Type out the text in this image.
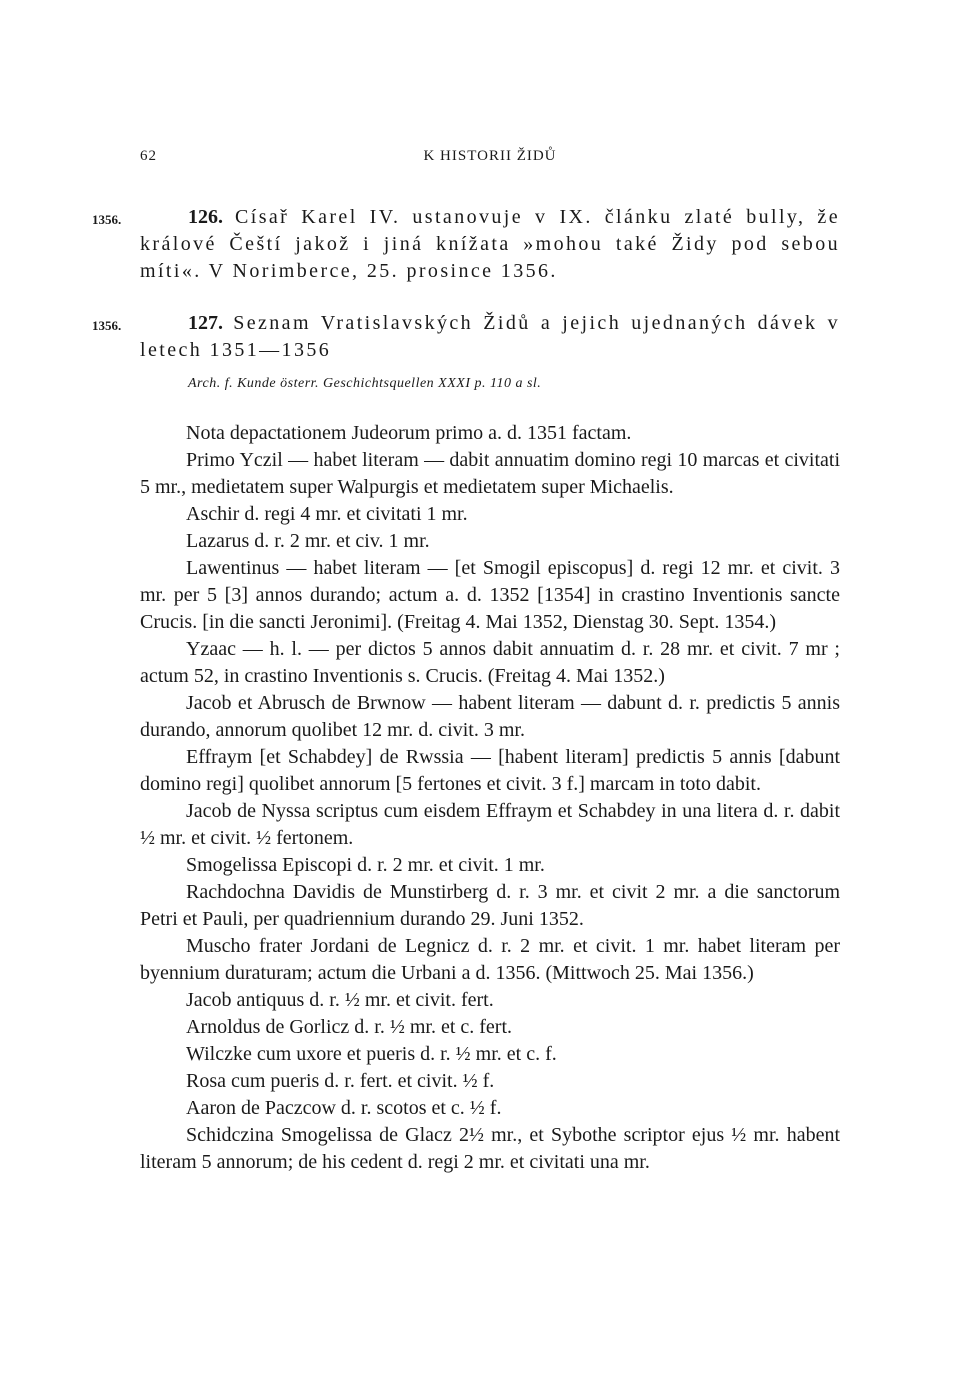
62	K HISTORII ŽIDŮ
1356.	126. Císař Karel IV. ustanovuje v IX. článku zlaté bully, že králové Čeští jakož i jiná knížata »mohou také Židy pod sebou míti«. V Norimberce, 25. prosince 1356.
1356.	127. Seznam Vratislavských Židů a jejich ujednaných dávek v letech 1351—1356
Arch. f. Kunde österr. Geschichtsquellen XXXI p. 110 a sl.

Nota depactationem Judeorum primo a. d. 1351 factam.

Primo Yczil — habet literam — dabit annuatim domino regi 10 marcas et civitati 5 mr., medietatem super Walpurgis et medietatem super Michaelis.

Aschir d. regi 4 mr. et civitati 1 mr.

Lazarus d. r. 2 mr. et civ. 1 mr.

Lawentinus — habet literam — [et Smogil episcopus] d. regi 12 mr. et civit. 3 mr. per 5 [3] annos durando; actum a. d. 1352 [1354] in crastino Inventionis sancte Crucis. [in die sancti Jeronimi]. (Freitag 4. Mai 1352, Dienstag 30. Sept. 1354.)

Yzaac — h. l. — per dictos 5 annos dabit annuatim d. r. 28 mr. et civit. 7 mr ; actum 52, in crastino Inventionis s. Crucis. (Freitag 4. Mai 1352.)

Jacob et Abrusch de Brwnow — habent literam — dabunt d. r. predictis 5 annis durando, annorum quolibet 12 mr. d. civit. 3 mr.

Effraym [et Schabdey] de Rwssia — [habent literam] predictis 5 annis [dabunt domino regi] quolibet annorum [5 fertones et civit. 3 f.] marcam in toto dabit.

Jacob de Nyssa scriptus cum eisdem Effraym et Schabdey in una litera d. r. dabit ½ mr. et civit. ½ fertonem.

Smogelissa Episcopi d. r. 2 mr. et civit. 1 mr.

Rachdochna Davidis de Munstirberg d. r. 3 mr. et civit 2 mr. a die sanctorum Petri et Pauli, per quadriennium durando 29. Juni 1352.

Muscho frater Jordani de Legnicz d. r. 2 mr. et civit. 1 mr. habet literam per byennium duraturam; actum die Urbani a d. 1356. (Mittwoch 25. Mai 1356.)

Jacob antiquus d. r. ½ mr. et civit. fert.

Arnoldus de Gorlicz d. r. ½ mr. et c. fert.

Wilczke cum uxore et pueris d. r. ½ mr. et c. f.

Rosa cum pueris d. r. fert. et civit. ½ f.

Aaron de Paczcow d. r. scotos et c. ½ f.

Schidczina Smogelissa de Glacz 2½ mr., et Sybothe scriptor ejus ½ mr. habent literam 5 annorum; de his cedent d. regi 2 mr. et civitati una mr.
